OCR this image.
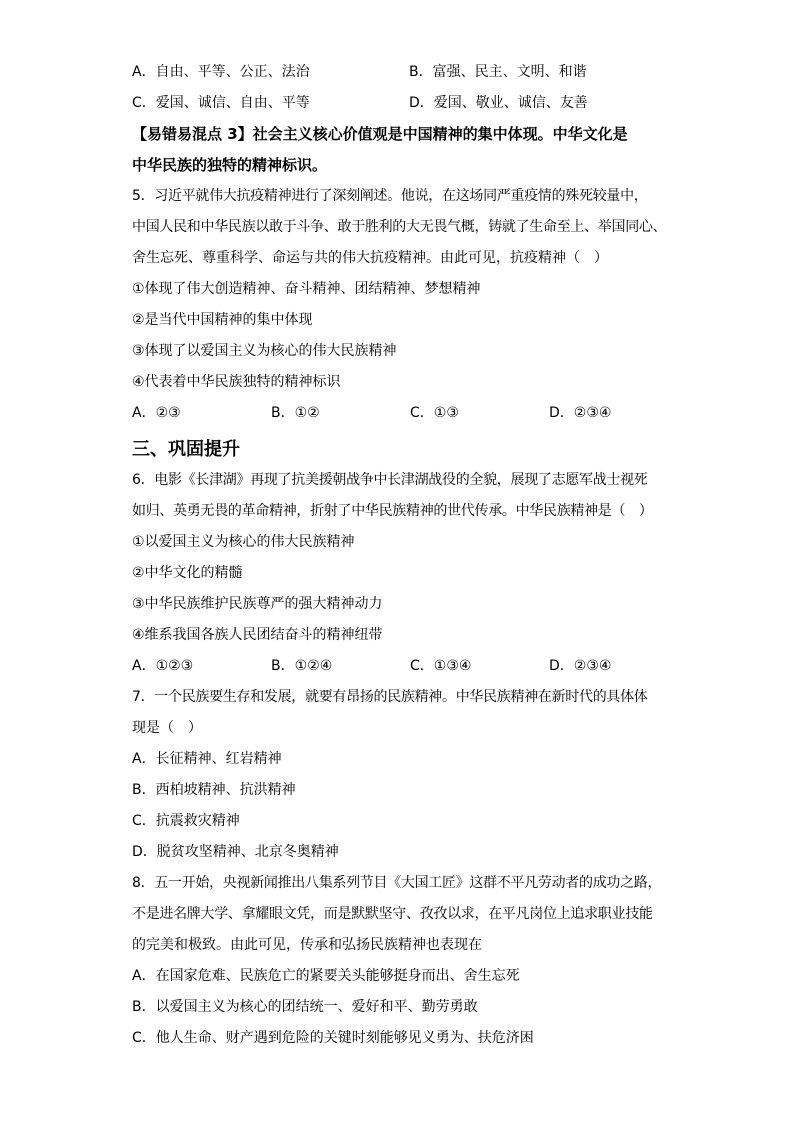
A．自由、平等、公正、法治	B．富强、民主、文明、和谐
C．爱国、诚信、自由、平等	D．爱国、敬业、诚信、友善
【易错易混点 3】社会主义核心价值观是中国精神的集中体现。中华文化是
中华民族的独特的精神标识。
5．习近平就伟大抗疫精神进行了深刻阐述。他说，在这场同严重疫情的殊死较量中，
中国人民和中华民族以敢于斗争、敢于胜利的大无畏气概，铸就了生命至上、举国同心、
舍生忘死、尊重科学、命运与共的伟大抗疫精神。由此可见，抗疫精神（　）
①体现了伟大创造精神、奋斗精神、团结精神、梦想精神
②是当代中国精神的集中体现
③体现了以爱国主义为核心的伟大民族精神
④代表着中华民族独特的精神标识
A．②③	B．①②	C．①③	D．②③④
三、巩固提升
6．电影《长津湖》再现了抗美援朝战争中长津湖战役的全貌，展现了志愿军战士视死
如归、英勇无畏的革命精神，折射了中华民族精神的世代传承。中华民族精神是（　）
①以爱国主义为核心的伟大民族精神
②中华文化的精髓
③中华民族维护民族尊严的强大精神动力
④维系我国各族人民团结奋斗的精神纽带
A．①②③	B．①②④	C．①③④	D．②③④
7．一个民族要生存和发展，就要有昂扬的民族精神。中华民族精神在新时代的具体体
现是（　）
A．长征精神、红岩精神
B．西柏坡精神、抗洪精神
C．抗震救灾精神
D．脱贫攻坚精神、北京冬奥精神
8．五一开始，央视新闻推出八集系列节目《大国工匠》这群不平凡劳动者的成功之路，
不是进名牌大学、拿耀眼文凭，而是默默坚守、孜孜以求，在平凡岗位上追求职业技能
的完美和极致。由此可见，传承和弘扬民族精神也表现在
A．在国家危难、民族危亡的紧要关头能够挺身而出、舍生忘死
B．以爱国主义为核心的团结统一、爱好和平、勤劳勇敢
C．他人生命、财产遇到危险的关键时刻能够见义勇为、扶危济困
